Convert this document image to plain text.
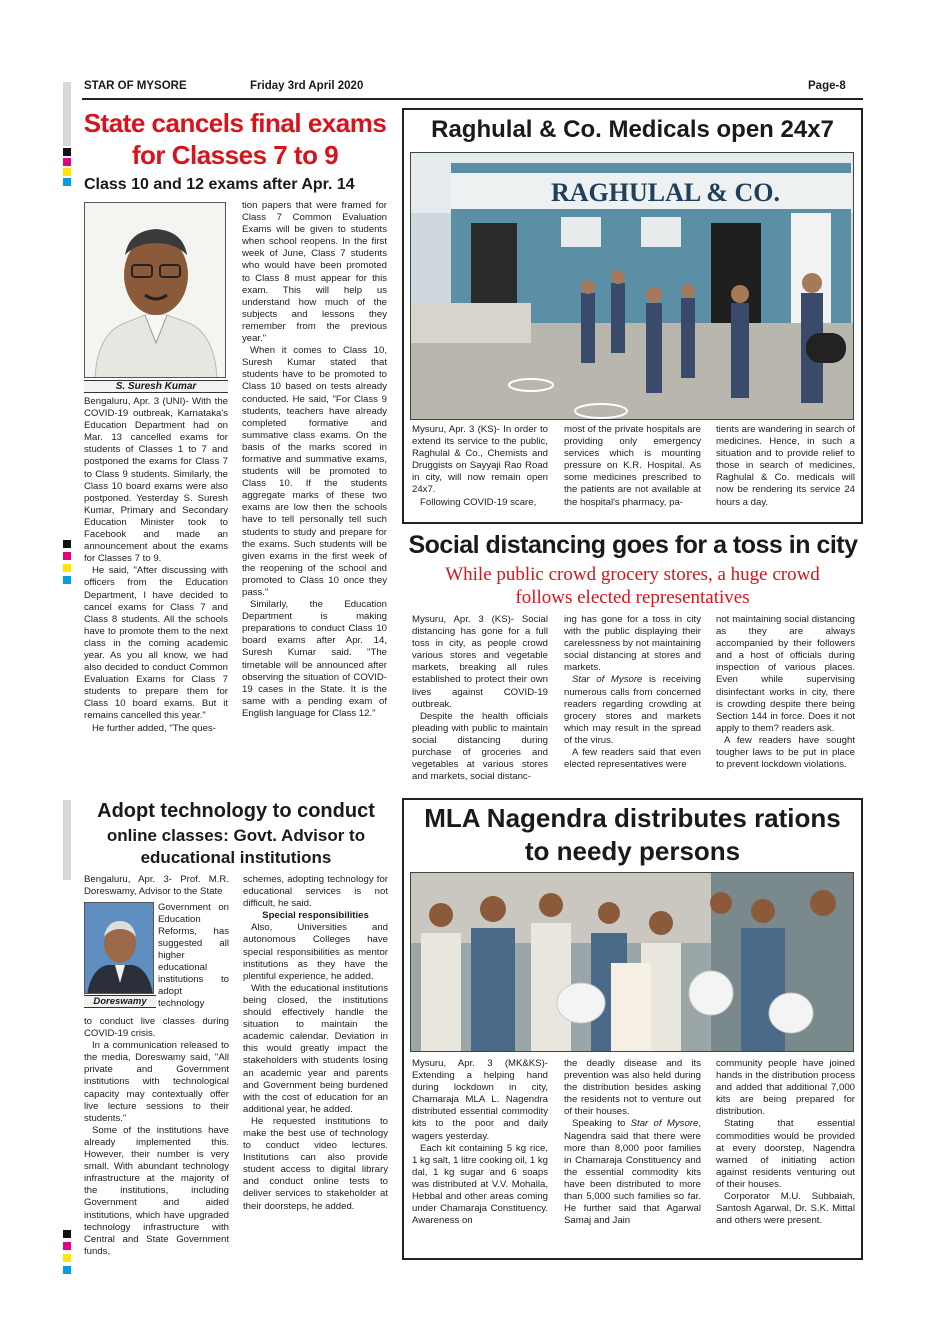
STAR OF MYSORE	Friday 3rd April 2020	Page-8
State cancels final exams
for Classes 7 to 9
Class 10 and 12 exams after Apr. 14
S. Suresh Kumar

Bengaluru, Apr. 3 (UNI)- With the COVID-19 outbreak, Karnataka's Education Department had on Mar. 13 cancelled exams for students of Classes 1 to 7 and postponed the exams for Class 7 to Class 9 students. Similarly, the Class 10 board exams were also postponed. Yesterday S. Suresh Kumar, Primary and Secondary Education Minister took to Facebook and made an announcement about the exams for Classes 7 to 9.

He said, "After discussing with officers from the Education Department, I have decided to cancel exams for Class 7 and Class 8 students. All the schools have to promote them to the next class in the coming academic year. As you all know, we had also decided to conduct Common Evaluation Exams for Class 7 students to prepare them for Class 10 board exams. But it remains cancelled this year."

He further added, "The ques-

tion papers that were framed for Class 7 Common Evaluation Exams will be given to students when school reopens. In the first week of June, Class 7 students who would have been promoted to Class 8 must appear for this exam. This will help us understand how much of the subjects and lessons they remember from the previous year."

When it comes to Class 10, Suresh Kumar stated that students have to be promoted to Class 10 based on tests already conducted. He said, "For Class 9 students, teachers have already completed formative and summative class exams. On the basis of the marks scored in formative and summative exams, students will be promoted to Class 10. If the students aggregate marks of these two exams are low then the schools have to tell personally tell such students to study and prepare for the exams. Such students will be given exams in the first week of the reopening of the school and promoted to Class 10 once they pass."

Similarly, the Education Department is making preparations to conduct Class 10 board exams after Apr. 14, Suresh Kumar said. "The timetable will be announced after observing the situation of COVID-19 cases in the State. It is the same with a pending exam of English language for Class 12."

Adopt technology to conduct
online classes: Govt. Advisor to
educational institutions

Bengaluru, Apr. 3- Prof. M.R. Doreswamy, Advisor to the State

Doreswamy

Government on Education Reforms, has suggested all higher educational institutions to adopt technology

to conduct live classes during COVID-19 crisis.

In a communication released to the media, Doreswamy said, "All private and Government institutions with technological capacity may contextually offer live lecture sessions to their students."

Some of the institutions have already implemented this. However, their number is very small. With abundant technology infrastructure at the majority of the institutions, including Government and aided institutions, which have upgraded technology infrastructure with Central and State Government funds,

schemes, adopting technology for educational services is not difficult, he said.

Special responsibilities

Also, Universities and autonomous Colleges have special responsibilities as mentor institutions as they have the plentiful experience, he added.

With the educational institutions being closed, the institutions should effectively handle the situation to maintain the academic calendar. Deviation in this would greatly impact the stakeholders with students losing an academic year and parents and Government being burdened with the cost of education for an additional year, he added.

He requested institutions to make the best use of technology to conduct video lectures. Institutions can also provide student access to digital library and conduct online tests to deliver services to stakeholder at their doorsteps, he added.

Raghulal & Co. Medicals open 24x7
RAGHULAL & CO.

Mysuru, Apr. 3 (KS)- In order to extend its service to the public, Raghulal & Co., Chemists and Druggists on Sayyaji Rao Road in city, will now remain open 24x7.

Following COVID-19 scare,

most of the private hospitals are providing only emergency services which is mounting pressure on K.R. Hospital. As some medicines prescribed to the patients are not available at the hospital's pharmacy, pa-

tients are wandering in search of medicines. Hence, in such a situation and to provide relief to those in search of medicines, Raghulal & Co. medicals will now be rendering its service 24 hours a day.

Social distancing goes for a toss in city
While public crowd grocery stores, a huge crowd
follows elected representatives

Mysuru, Apr. 3 (KS)- Social distancing has gone for a full toss in city, as people crowd various stores and vegetable markets, breaking all rules established to protect their own lives against COVID-19 outbreak.

Despite the health officials pleading with public to maintain social distancing during purchase of groceries and vegetables at various stores and markets, social distanc-

ing has gone for a toss in city with the public displaying their carelessness by not maintaining social distancing at stores and markets.

Star of Mysore is receiving numerous calls from concerned readers regarding crowding at grocery stores and markets which may result in the spread of the virus.

A few readers said that even elected representatives were

not maintaining social distancing as they are always accompanied by their followers and a host of officials during inspection of various places. Even while supervising disinfectant works in city, there is crowding despite there being Section 144 in force. Does it not apply to them? readers ask.

A few readers have sought tougher laws to be put in place to prevent lockdown violations.

MLA Nagendra distributes rations
to needy persons

Mysuru, Apr. 3 (MK&KS)- Extending a helping hand during lockdown in city, Chamaraja MLA L. Nagendra distributed essential commodity kits to the poor and daily wagers yesterday.

Each kit containing 5 kg rice, 1 kg salt, 1 litre cooking oil, 1 kg dal, 1 kg sugar and 6 soaps was distributed at V.V. Mohalla, Hebbal and other areas coming under Chamaraja Constituency. Awareness on

the deadly disease and its prevention was also held during the distribution besides asking the residents not to venture out of their houses.

Speaking to Star of Mysore, Nagendra said that there were more than 8,000 poor families in Chamaraja Constituency and the essential commodity kits have been distributed to more than 5,000 such families so far. He further said that Agarwal Samaj and Jain

community people have joined hands in the distribution process and added that additional 7,000 kits are being prepared for distribution.

Stating that essential commodities would be provided at every doorstep, Nagendra warned of initiating action against residents venturing out of their houses.

Corporator M.U. Subbaiah, Santosh Agarwal, Dr. S.K. Mittal and others were present.
